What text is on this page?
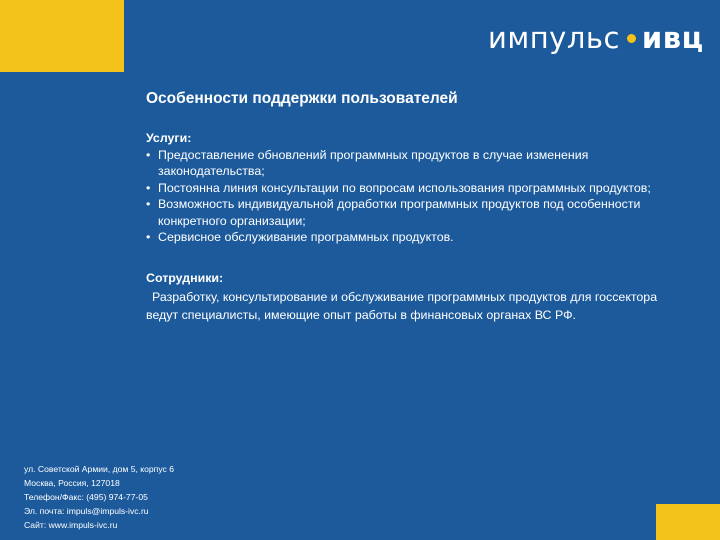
импульс ивц
Особенности поддержки пользователей
Услуги:
• Предоставление обновлений программных продуктов в случае изменения законодательства;
• Постоянна линия консультации по вопросам использования программных продуктов;
• Возможность индивидуальной доработки программных продуктов под особенности конкретного организации;
• Сервисное обслуживание программных продуктов.
Сотрудники:

Разработку, консультирование и обслуживание программных продуктов для госсектора ведут специалисты, имеющие опыт работы в финансовых органах ВС РФ.

ул. Советской Армии, дом 5, корпус 6
Москва, Россия, 127018
Телефон/Факс: (495) 974-77-05
Эл. почта: impuls@impuls-ivc.ru
Сайт: www.impuls-ivc.ru
